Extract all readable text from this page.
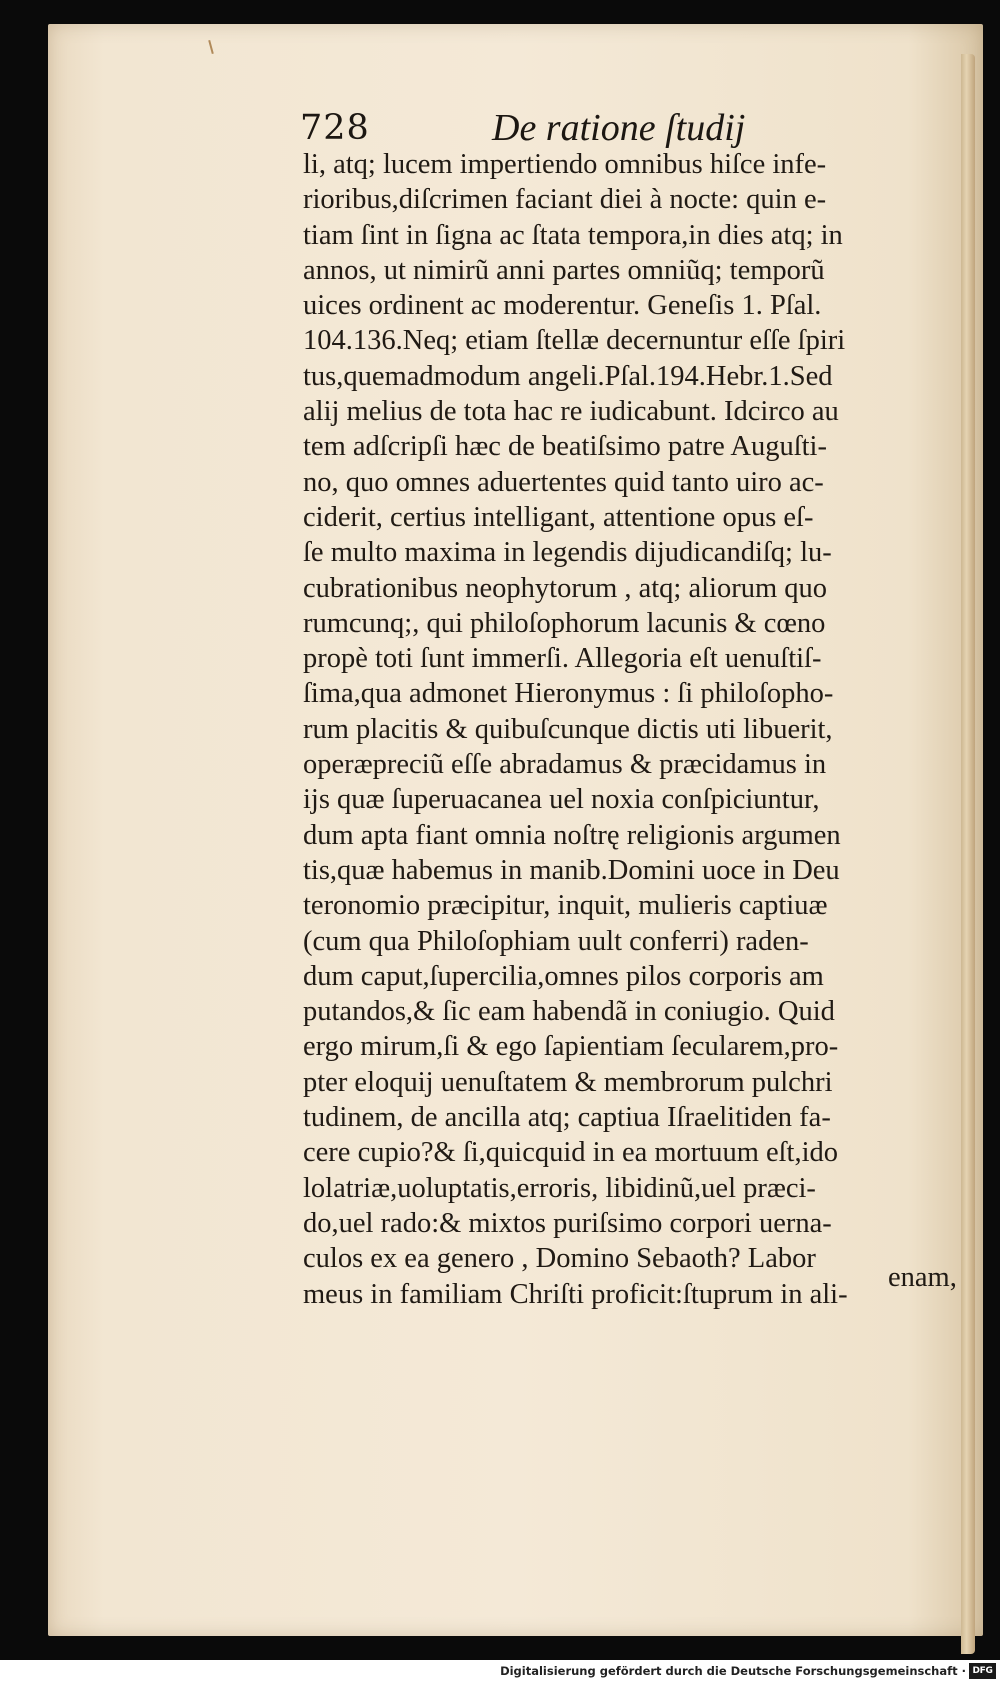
728	De ratione ſtudij
li, atq; lucem impertiendo omnibus hiſce infe-
rioribus,diſcrimen faciant diei à nocte: quin e-
tiam ſint in ſigna ac ſtata tempora,in dies atq; in
annos, ut nimirũ anni partes omniũq; temporũ
uices ordinent ac moderentur. Geneſis 1. Pſal.
104.136.Neq; etiam ſtellæ decernuntur eſſe ſpiri
tus,quemadmodum angeli.Pſal.194.Hebr.1.Sed
alij melius de tota hac re iudicabunt. Idcirco au
tem adſcripſi hæc de beatiſsimo patre Auguſti-
no, quo omnes aduertentes quid tanto uiro ac-
ciderit, certius intelligant, attentione opus eſ-
ſe multo maxima in legendis dijudicandiſq; lu-
cubrationibus neophytorum , atq; aliorum quo
rumcunq;, qui philoſophorum lacunis & cœno
propè toti ſunt immerſi. Allegoria eſt uenuſtiſ-
ſima,qua admonet Hieronymus : ſi philoſopho-
rum placitis & quibuſcunque dictis uti libuerit,
operæpreciũ eſſe abradamus & præcidamus in
ijs quæ ſuperuacanea uel noxia conſpiciuntur,
dum apta fiant omnia noſtrę religionis argumen
tis,quæ habemus in manib.Domini uoce in Deu
teronomio præcipitur, inquit, mulieris captiuæ
(cum qua Philoſophiam uult conferri) raden-
dum caput,ſupercilia,omnes pilos corporis am
putandos,& ſic eam habendã in coniugio. Quid
ergo mirum,ſi & ego ſapientiam ſecularem,pro-
pter eloquij uenuſtatem & membrorum pulchri
tudinem, de ancilla atq; captiua Iſraelitiden fa-
cere cupio?& ſi,quicquid in ea mortuum eſt,ido
lolatriæ,uoluptatis,erroris, libidinũ,uel præci-
do,uel rado:& mixtos puriſsimo corpori uerna-
culos ex ea genero , Domino Sebaoth? Labor
meus in familiam Chriſti proficit:ſtuprum in ali-
enam,
Digitalisierung gefördert durch die Deutsche Forschungsgemeinschaft · DFG
